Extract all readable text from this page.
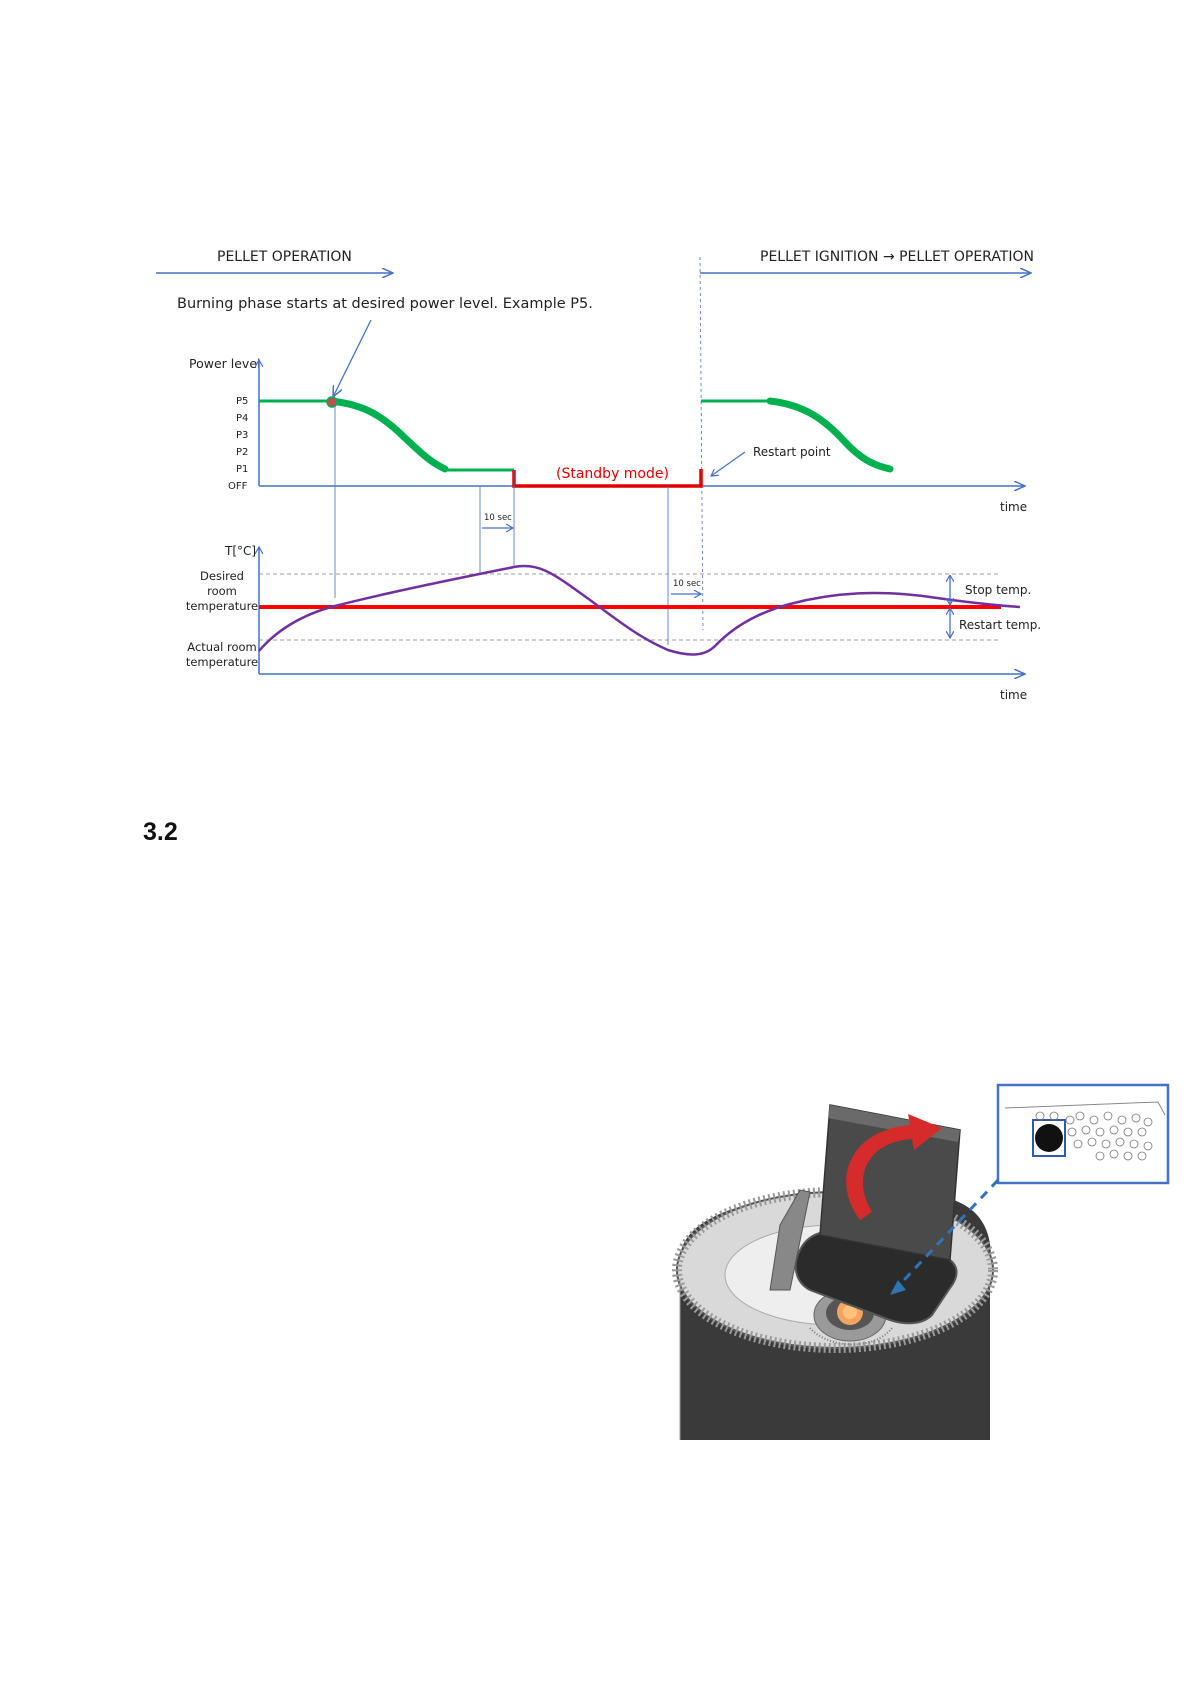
PELLET OPERATION	PELLET IGNITION → PELLET OPERATION
Burning phase starts at desired power level. Example P5.
Power level
P5
P4
P3
P2
P1
OFF
time
(Standby mode)
Restart point
10 sec
10 sec
T[°C]
time
Desired
room
temperature
Actual room
temperature
Stop temp.
Restart temp.
3.2
